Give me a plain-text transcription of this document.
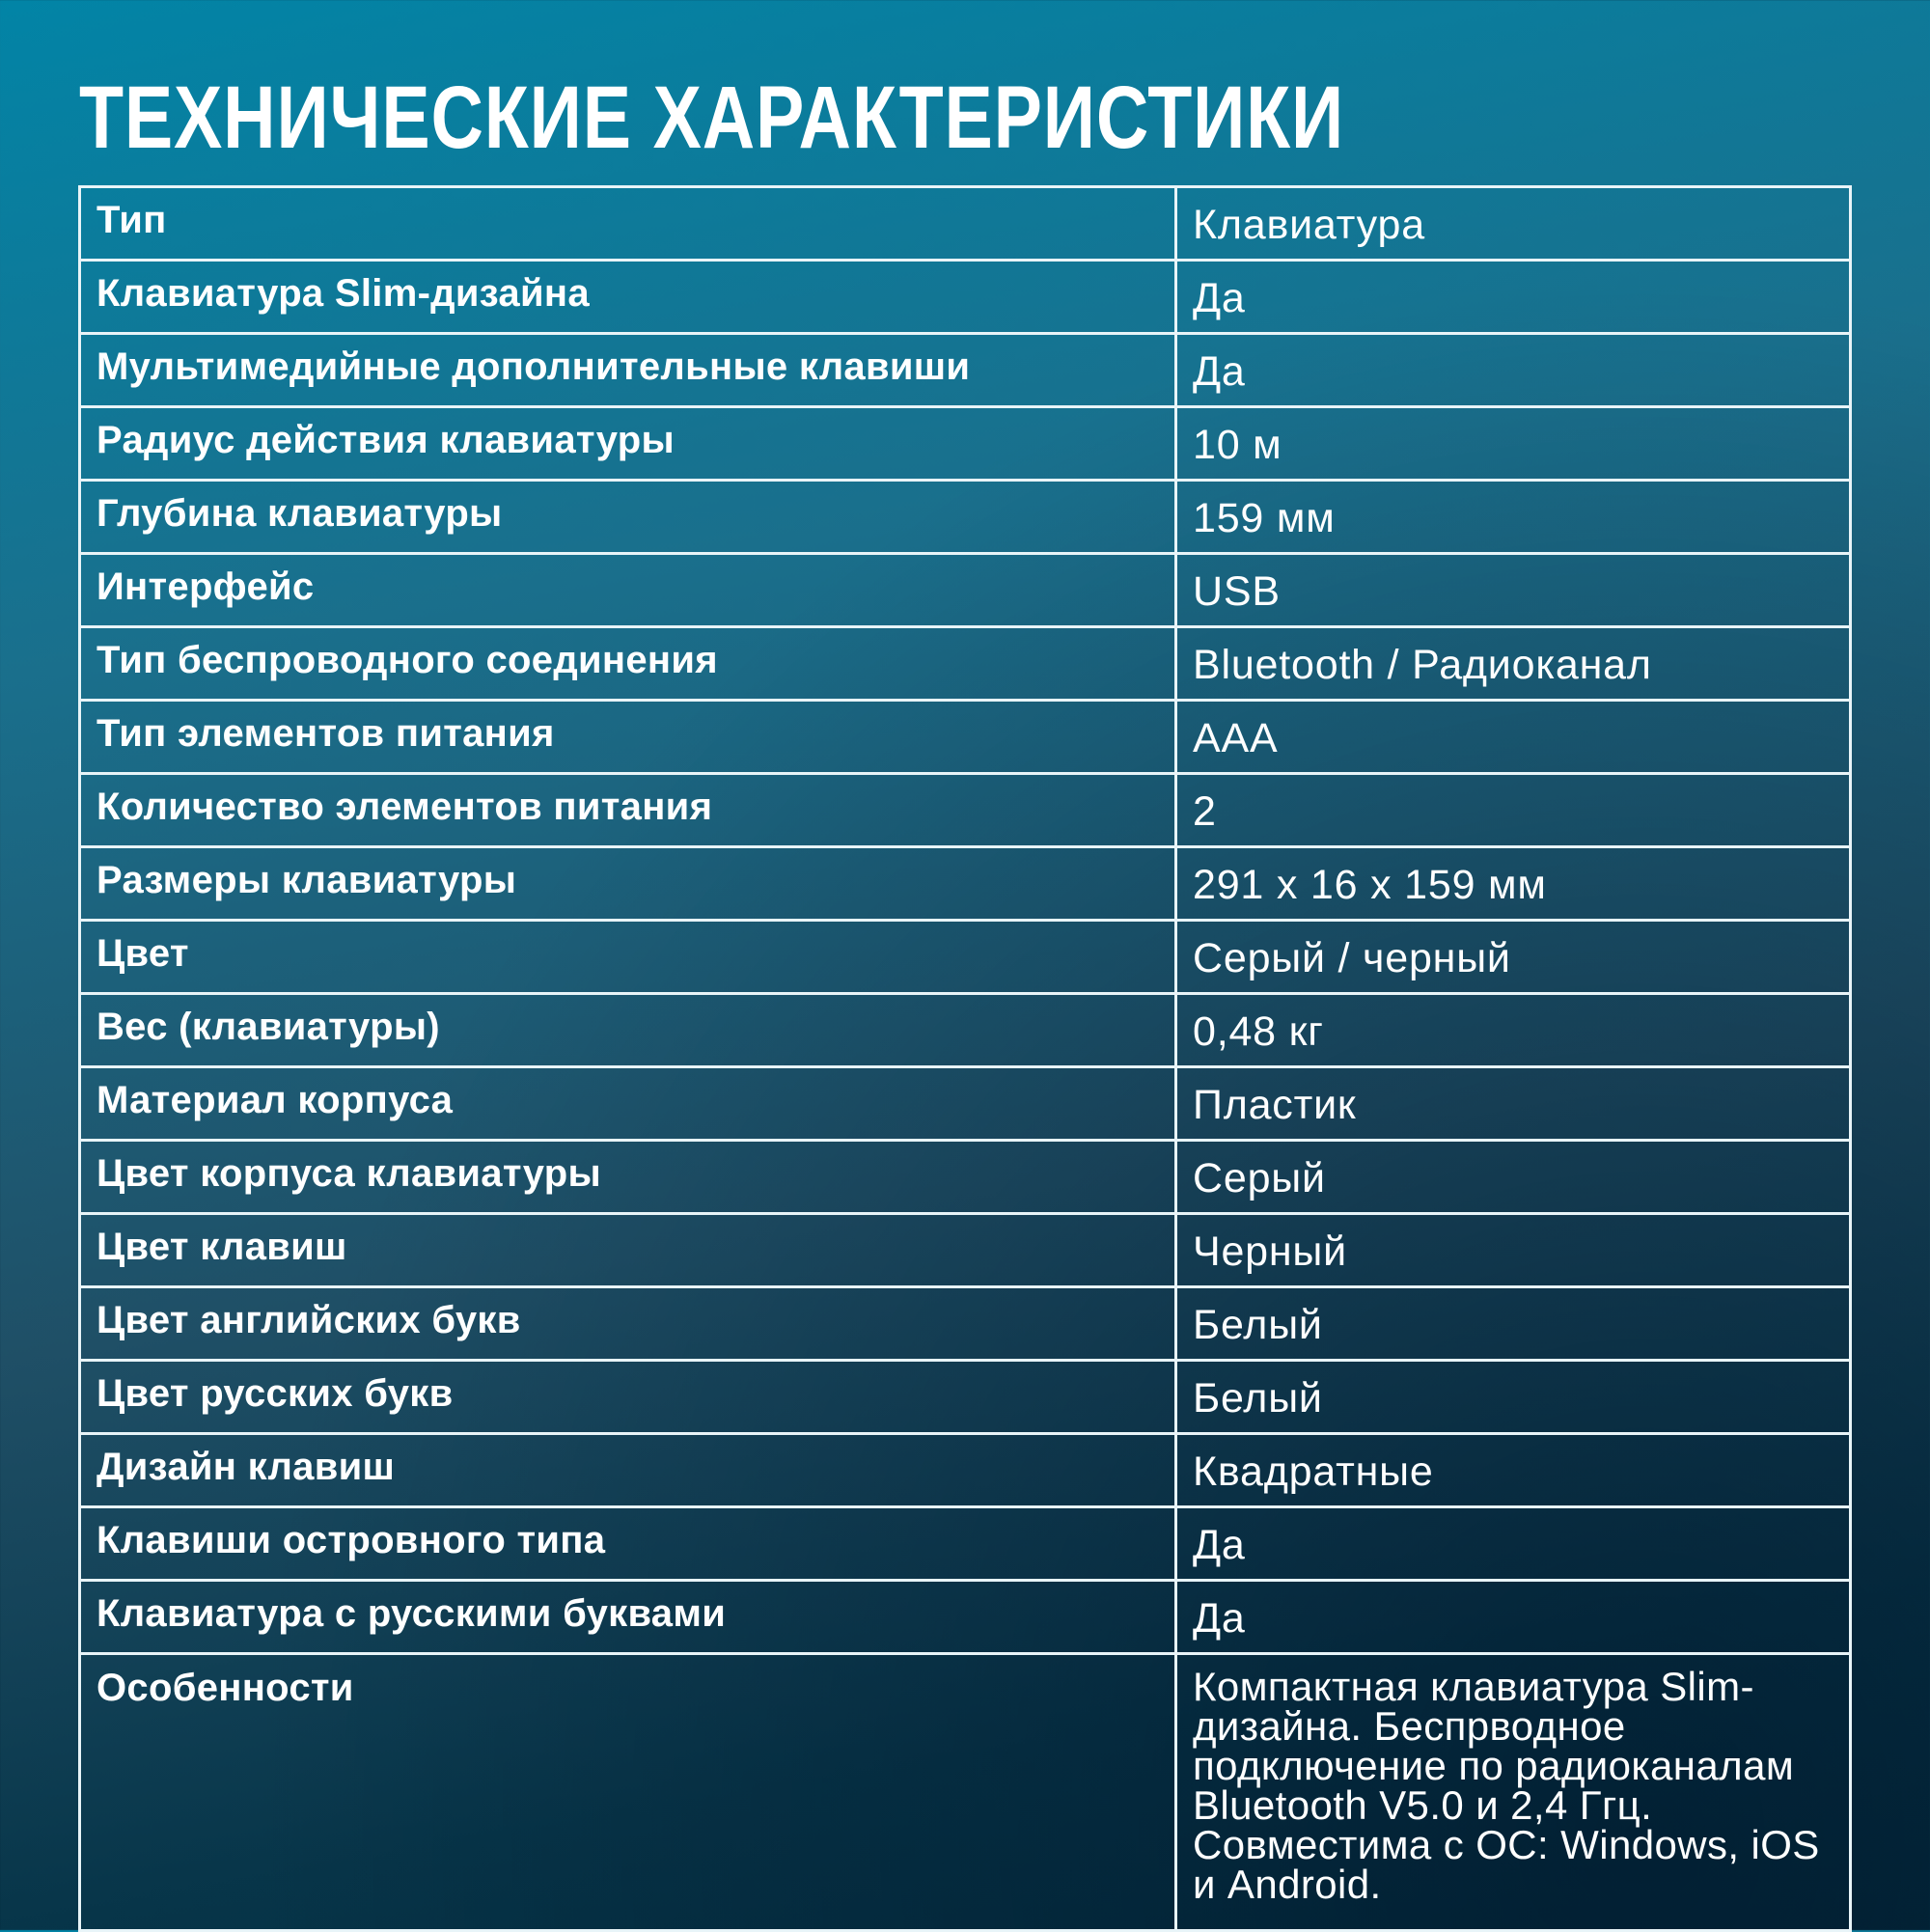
ТЕХНИЧЕСКИЕ ХАРАКТЕРИСТИКИ
Тип	Клавиатура
Клавиатура Slim-дизайна	Да
Мультимедийные дополнительные клавиши	Да
Радиус действия клавиатуры	10 м
Глубина клавиатуры	159 мм
Интерфейс	USB
Тип беспроводного соединения	Bluetooth / Радиоканал
Тип элементов питания	AAA
Количество элементов питания	2
Размеры клавиатуры	291 x 16 x 159 мм
Цвет	Серый / черный
Вес (клавиатуры)	0,48 кг
Материал корпуса	Пластик
Цвет корпуса клавиатуры	Серый
Цвет клавиш	Черный
Цвет английских букв	Белый
Цвет русских букв	Белый
Дизайн клавиш	Квадратные
Клавиши островного типа	Да
Клавиатура с русскими буквами	Да
Особенности	Компактная клавиатура Slim-дизайна. Беспрводное подключение по радиоканалам Bluetooth V5.0 и 2,4 Ггц. Совместима с ОС: Windows, iOS и Android.
